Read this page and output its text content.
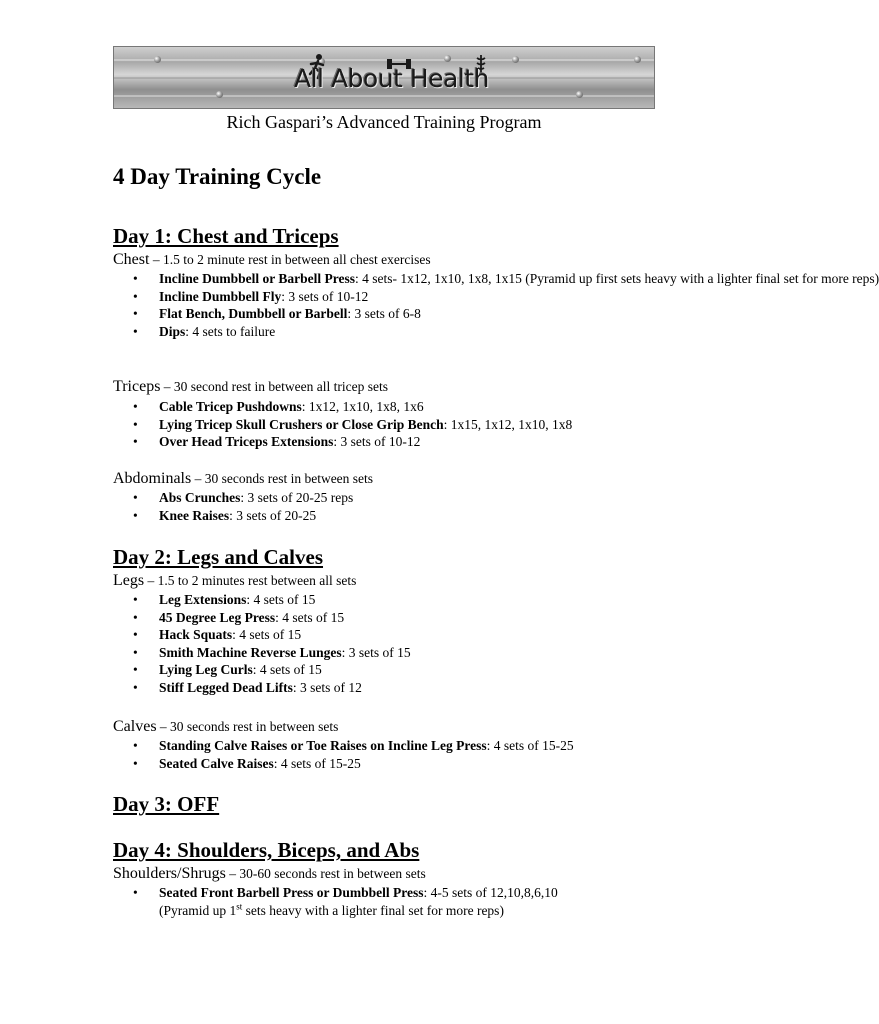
All About Health
Rich Gaspari’s Advanced Training Program
4 Day Training Cycle
Day 1: Chest and Triceps
Chest – 1.5 to 2 minute rest in between all chest exercises
• Incline Dumbbell or Barbell Press: 4 sets- 1x12, 1x10, 1x8, 1x15 (Pyramid up first sets heavy with a lighter final set for more reps)
• Incline Dumbbell Fly: 3 sets of 10-12
• Flat Bench, Dumbbell or Barbell: 3 sets of 6-8
• Dips: 4 sets to failure
Triceps – 30 second rest in between all tricep sets
• Cable Tricep Pushdowns: 1x12, 1x10, 1x8, 1x6
• Lying Tricep Skull Crushers or Close Grip Bench: 1x15, 1x12, 1x10, 1x8
• Over Head Triceps Extensions: 3 sets of 10-12
Abdominals – 30 seconds rest in between sets
• Abs Crunches: 3 sets of 20-25 reps
• Knee Raises: 3 sets of 20-25
Day 2: Legs and Calves
Legs – 1.5 to 2 minutes rest between all sets
• Leg Extensions: 4 sets of 15
• 45 Degree Leg Press: 4 sets of 15
• Hack Squats: 4 sets of 15
• Smith Machine Reverse Lunges: 3 sets of 15
• Lying Leg Curls: 4 sets of 15
• Stiff Legged Dead Lifts: 3 sets of 12
Calves – 30 seconds rest in between sets
• Standing Calve Raises or Toe Raises on Incline Leg Press: 4 sets of 15-25
• Seated Calve Raises: 4 sets of 15-25
Day 3: OFF
Day 4: Shoulders, Biceps, and Abs
Shoulders/Shrugs – 30-60 seconds rest in between sets
• Seated Front Barbell Press or Dumbbell Press: 4-5 sets of 12,10,8,6,10
(Pyramid up 1st sets heavy with a lighter final set for more reps)
